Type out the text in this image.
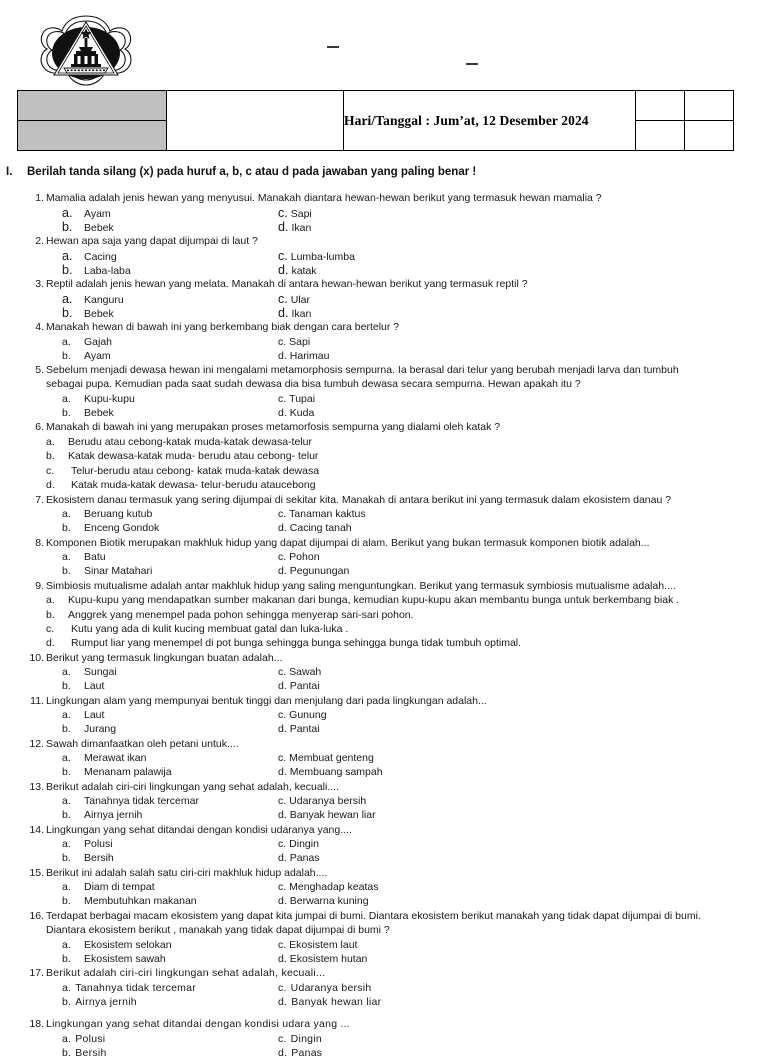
		Hari/Tanggal : Jum’at, 12 Desember 2024		

I.	Berilah tanda silang (x) pada huruf a, b, c atau d pada jawaban yang paling benar !
1. Mamalia adalah jenis hewan yang menyusui. Manakah diantara hewan-hewan berikut yang termasuk hewan mamalia ?
a. Ayam	c. Sapi
b. Bebek	d. Ikan
2. Hewan apa saja yang dapat dijumpai di laut ?
a. Cacing	c. Lumba-lumba
b. Laba-laba	d. katak
3. Reptil adalah jenis hewan yang melata. Manakah di antara hewan-hewan berikut yang termasuk reptil ?
a. Kanguru	c. Ular
b. Bebek	d. Ikan
4. Manakah hewan di bawah ini yang berkembang biak dengan cara bertelur ?
a. Gajah	c. Sapi
b. Ayam	d. Harimau
5. Sebelum menjadi dewasa hewan ini mengalami metamorphosis sempurna. Ia berasal dari telur yang berubah menjadi larva dan tumbuh
sebagai pupa. Kemudian pada saat sudah dewasa dia bisa tumbuh dewasa secara sempurna. Hewan apakah itu ?
a. Kupu-kupu	c. Tupai
b. Bebek	d. Kuda
6. Manakah di bawah ini yang merupakan proses metamorfosis sempurna yang dialami oleh katak ?
a. Berudu atau cebong-katak muda-katak dewasa-telur
b. Katak dewasa-katak muda- berudu atau cebong- telur
c. Telur-berudu atau cebong- katak muda-katak dewasa
d. Katak muda-katak dewasa- telur-berudu ataucebong
7. Ekosistem danau termasuk yang sering dijumpai di sekitar kita. Manakah di antara berikut ini yang termasuk dalam ekosistem danau ?
a. Beruang kutub	c. Tanaman kaktus
b. Enceng Gondok	d. Cacing tanah
8. Komponen Biotik merupakan makhluk hidup yang dapat dijumpai di alam. Berikut yang bukan termasuk komponen biotik adalah...
a. Batu	c. Pohon
b. Sinar Matahari	d. Pegunungan
9. Simbiosis mutualisme adalah antar makhluk hidup yang saling menguntungkan. Berikut yang termasuk symbiosis mutualisme adalah....
a. Kupu-kupu yang mendapatkan sumber makanan dari bunga, kemudian kupu-kupu akan membantu bunga untuk berkembang biak .
b. Anggrek yang menempel pada pohon sehingga menyerap sari-sari pohon.
c. Kutu yang ada di kulit kucing membuat gatal dan luka-luka .
d. Rumput liar yang menempel di pot bunga sehingga bunga sehingga bunga tidak tumbuh optimal.
10. Berikut yang termasuk lingkungan buatan adalah...
a. Sungai	c. Sawah
b. Laut	d. Pantai
11. Lingkungan alam yang mempunyai bentuk tinggi dan menjulang dari pada lingkungan adalah...
a. Laut	c. Gunung
b. Jurang	d. Pantai
12. Sawah dimanfaatkan oleh petani untuk....
a. Merawat ikan	c. Membuat genteng
b. Menanam palawija	d. Membuang sampah
13. Berikut adalah ciri-ciri lingkungan yang sehat adalah, kecuali....
a. Tanahnya tidak tercemar	c. Udaranya bersih
b. Airnya jernih	d. Banyak hewan liar
14. Lingkungan yang sehat ditandai dengan kondisi udaranya yang....
a. Polusi	c. Dingin
b. Bersih	d. Panas
15. Berikut ini adalah salah satu ciri-ciri makhluk hidup adalah....
a. Diam di tempat	c. Menghadap keatas
b. Membutuhkan makanan	d. Berwarna kuning
16. Terdapat berbagai macam ekosistem yang dapat kita jumpai di bumi. Diantara ekosistem berikut manakah yang tidak dapat dijumpai di bumi.
Diantara ekosistem berikut , manakah yang tidak dapat dijumpai di bumi ?
a. Ekosistem selokan	c. Ekosistem laut
b. Ekosistem sawah	d. Ekosistem hutan
17. Berikut adalah ciri-ciri lingkungan sehat adalah, kecuali...
a. Tanahnya tidak tercemar	c. Udaranya bersih
b. Airnya jernih	d. Banyak hewan liar
18. Lingkungan yang sehat ditandai dengan kondisi udara yang ...
a. Polusi	c. Dingin
b. Bersih	d. Panas
